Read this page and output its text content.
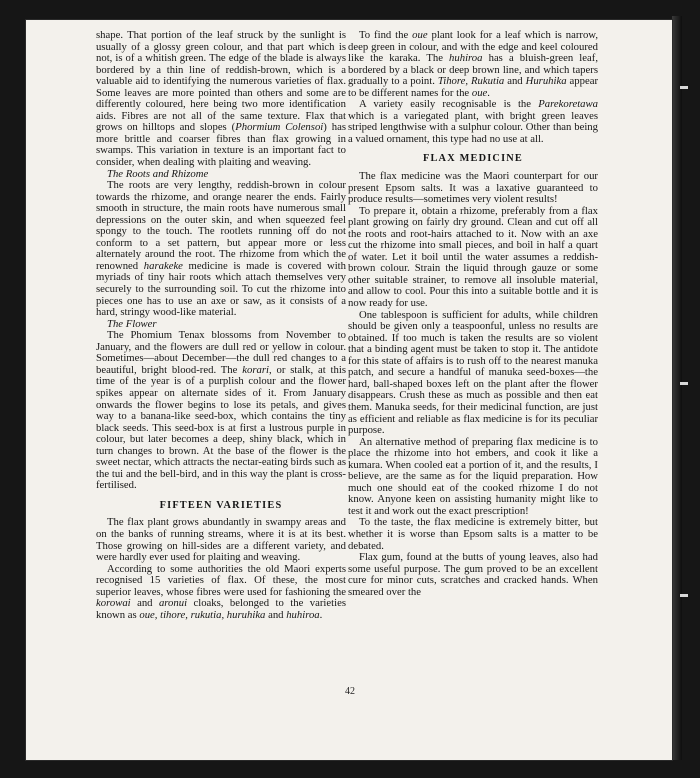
shape. That portion of the leaf struck by the sunlight is usually of a glossy green colour, and that part which is not, is of a whitish green. The edge of the blade is always bordered by a thin line of reddish-brown, which is a valuable aid to identifying the numerous varieties of flax. Some leaves are more pointed than others and some are differently coloured, here being two more identification aids. Fibres are not all of the same texture. Flax that grows on hilltops and slopes (Phormium Colensoi) has more brittle and coarser fibres than flax growing in swamps. This variation in texture is an important fact to consider, when dealing with plaiting and weaving.

The Roots and Rhizome

The roots are very lengthy, reddish-brown in colour towards the rhizome, and orange nearer the ends. Fairly smooth in structure, the main roots have numerous small depressions on the outer skin, and when squeezed feel spongy to the touch. The rootlets running off do not conform to a set pattern, but appear more or less alternately around the root. The rhizome from which the renowned harakeke medicine is made is covered with myriads of tiny hair roots which attach themselves very securely to the surrounding soil. To cut the rhizome into pieces one has to use an axe or saw, as it consists of a hard, stringy wood-like material.

The Flower

The Phomium Tenax blossoms from November to January, and the flowers are dull red or yellow in colour. Sometimes—about December—the dull red changes to a beautiful, bright blood-red. The korari, or stalk, at this time of the year is of a purplish colour and the flower spikes appear on alternate sides of it. From January onwards the flower begins to lose its petals, and gives way to a banana-like seed-box, which contains the tiny black seeds. This seed-box is at first a lustrous purple in colour, but later becomes a deep, shiny black, which in turn changes to brown. At the base of the flower is the sweet nectar, which attracts the nectar-eating birds such as the tui and the bell-bird, and in this way the plant is cross-fertilised.

FIFTEEN VARIETIES

The flax plant grows abundantly in swampy areas and on the banks of running streams, where it is at its best. Those growing on hill-sides are a different variety, and were hardly ever used for plaiting and weaving.

According to some authorities the old Maori experts recognised 15 varieties of flax. Of these, the most superior leaves, whose fibres were used for fashioning the korowai and aronui cloaks, belonged to the varieties known as oue, tihore, rukutia, huruhika and huhiroa.

To find the oue plant look for a leaf which is narrow, deep green in colour, and with the edge and keel coloured like the karaka. The huhiroa has a bluish-green leaf, bordered by a black or deep brown line, and which tapers gradually to a point. Tihore, Rukutia and Huruhika appear to be different names for the oue.

A variety easily recognisable is the Parekoretawa which is a variegated plant, with bright green leaves striped lengthwise with a sulphur colour. Other than being a valued ornament, this type had no use at all.

FLAX MEDICINE

The flax medicine was the Maori counterpart for our present Epsom salts. It was a laxative guaranteed to produce results—sometimes very violent results!

To prepare it, obtain a rhizome, preferably from a flax plant growing on fairly dry ground. Clean and cut off all the roots and root-hairs attached to it. Now with an axe cut the rhizome into small pieces, and boil in half a quart of water. Let it boil until the water assumes a reddish-brown colour. Strain the liquid through gauze or some other suitable strainer, to remove all insoluble material, and allow to cool. Pour this into a suitable bottle and it is now ready for use.

One tablespoon is sufficient for adults, while children should be given only a teaspoonful, unless no results are obtained. If too much is taken the results are so violent that a binding agent must be taken to stop it. The antidote for this state of affairs is to rush off to the nearest manuka patch, and secure a handful of manuka seed-boxes—the hard, ball-shaped boxes left on the plant after the flower disappears. Crush these as much as possible and then eat them. Manuka seeds, for their medicinal function, are just as efficient and reliable as flax medicine is for its peculiar purpose.

An alternative method of preparing flax medicine is to place the rhizome into hot embers, and cook it like a kumara. When cooled eat a portion of it, and the results, I believe, are the same as for the liquid preparation. How much one should eat of the cooked rhizome I do not know. Anyone keen on assisting humanity might like to test it and work out the exact prescription!

To the taste, the flax medicine is extremely bitter, but whether it is worse than Epsom salts is a matter to be debated.

Flax gum, found at the butts of young leaves, also had some useful purpose. The gum proved to be an excellent cure for minor cuts, scratches and cracked hands. When smeared over the

42
